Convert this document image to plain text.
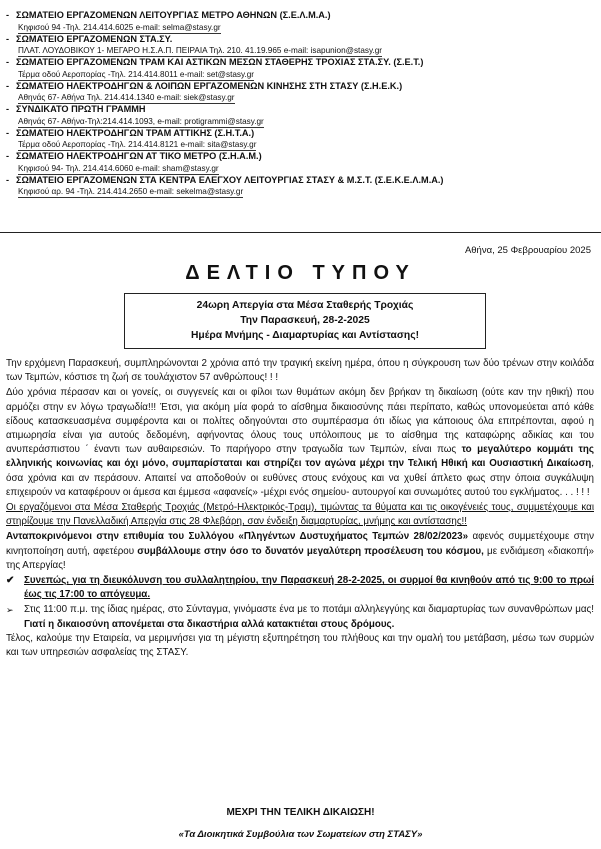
- ΣΩΜΑΤΕΙΟ ΕΡΓΑΖΟΜΕΝΩΝ ΛΕΙΤΟΥΡΓΙΑΣ ΜΕΤΡΟ ΑΘΗΝΩΝ (Σ.Ε.Λ.Μ.Α.)
Κηφισού 94 -Τηλ. 214.414.6025 e-mail: selma@stasy.gr
- ΣΩΜΑΤΕΙΟ ΕΡΓΑΖΟΜΕΝΩΝ ΣΤΑ.ΣΥ.
ΠΛΑΤ. ΛΟΥΔΟΒΙΚΟΥ 1- ΜΕΓΑΡΟ Η.Σ.Α.Π. ΠΕΙΡΑΙΑ Τηλ. 210. 41.19.965 e-mail: isapunion@stasy.gr
- ΣΩΜΑΤΕΙΟ ΕΡΓΑΖΟΜΕΝΩΝ ΤΡΑΜ ΚΑΙ ΑΣΤΙΚΩΝ ΜΕΣΩΝ ΣΤΑΘΕΡΗΣ ΤΡΟΧΙΑΣ ΣΤΑ.ΣΥ. (Σ.Ε.Τ.)
Τέρμα οδού Αεροπορίας -Τηλ. 214.414.8011 e-mail: set@stasy.gr
- ΣΩΜΑΤΕΙΟ ΗΛΕΚΤΡΟΔΗΓΩΝ & ΛΟΙΠΩΝ ΕΡΓΑΖΟΜΕΝΩΝ ΚΙΝΗΣΗΣ ΣΤΗ ΣΤΑΣΥ (Σ.Η.Ε.Κ.)
Αθηνάς 67- Αθήνα Τηλ. 214.414.1340 e-mail: siek@stasy.gr
- ΣΥΝΔΙΚΑΤΟ ΠΡΩΤΗ ΓΡΑΜΜΗ
Αθηνάς 67- Αθήνα-Τηλ:214.414.1093, e-mail: protigrammi@stasy.gr
- ΣΩΜΑΤΕΙΟ ΗΛΕΚΤΡΟΔΗΓΩΝ ΤΡΑΜ ΑΤΤΙΚΗΣ (Σ.Η.Τ.Α.)
Τέρμα οδού Αεροπορίας -Τηλ. 214.414.8121 e-mail: sita@stasy.gr
- ΣΩΜΑΤΕΙΟ ΗΛΕΚΤΡΟΔΗΓΩΝ ΑΤ ΤΙΚΟ ΜΕΤΡΟ (Σ.Η.Α.Μ.)
Κηφισού 94- Τηλ. 214.414.6060 e-mail: sham@stasy.gr
- ΣΩΜΑΤΕΙΟ ΕΡΓΑΖΟΜΕΝΩΝ ΣΤΑ ΚΕΝΤΡΑ ΕΛΕΓΧΟΥ ΛΕΙΤΟΥΡΓΙΑΣ ΣΤΑΣΥ & Μ.Σ.Τ. (Σ.Ε.Κ.Ε.Λ.Μ.Α.)
Κηφισού αρ. 94 -Τηλ. 214.414.2650 e-mail: sekelma@stasy.gr
Αθήνα, 25 Φεβρουαρίου 2025
ΔΕΛΤΙΟ ΤΥΠΟΥ
24ωρη Απεργία στα Μέσα Σταθερής Τροχιάς
Την Παρασκευή, 28-2-2025
Ημέρα Μνήμης - Διαμαρτυρίας και Αντίστασης!

Την ερχόμενη Παρασκευή, συμπληρώνονται 2 χρόνια από την τραγική εκείνη ημέρα, όπου η σύγκρουση των δύο τρένων στην κοιλάδα των Τεμπών, κόστισε τη ζωή σε τουλάχιστον 57 ανθρώπους! ! !

Δύο χρόνια πέρασαν και οι γονείς, οι συγγενείς και οι φίλοι των θυμάτων ακόμη δεν βρήκαν τη δικαίωση (ούτε καν την ηθική) που αρμόζει στην εν λόγω τραγωδία!!! Έτσι, για ακόμη μία φορά το αίσθημα δικαιοσύνης πάει περίπατο, καθώς υπονομεύεται από κάθε είδους κατασκευασμένα συμφέροντα και οι πολίτες οδηγούνται στο συμπέρασμα ότι ιδίως για κάποιους όλα επιτρέπονται, αφού η ατιμωρησία είναι για αυτούς δεδομένη, αφήνοντας όλους τους υπόλοιπους με το αίσθημα της καταφώρης αδικίας και του ανυπεράσπιστου ΄ έναντι των αυθαιρεσιών. Το παρήγορο στην τραγωδία των Τεμπών, είναι πως το μεγαλύτερο κομμάτι της ελληνικής κοινωνίας και όχι μόνο, συμπαρίσταται και στηρίζει τον αγώνα μέχρι την Τελική Ηθική και Ουσιαστική Δικαίωση, όσα χρόνια και αν περάσουν. Απαιτεί να αποδοθούν οι ευθύνες στους ενόχους και να χυθεί άπλετο φως στην όποια συγκάλυψη επιχειρούν να καταφέρουν οι άμεσα και έμμεσα «αφανείς» -μέχρι ενός σημείου- αυτουργοί και συνωμότες αυτού του εγκλήματος. . . ! ! !

Οι εργαζόμενοι στα Μέσα Σταθερής Τροχιάς (Μετρό-Ηλεκτρικός-Τραμ), τιμώντας τα θύματα και τις οικογένειές τους, συμμετέχουμε και στηρίζουμε την Πανελλαδική Απεργία στις 28 Φλεβάρη, σαν ένδειξη διαμαρτυρίας, μνήμης και αντίστασης!!

Ανταποκρινόμενοι στην επιθυμία του Συλλόγου «Πληγέντων Δυστυχήματος Τεμπών 28/02/2023» αφενός συμμετέχουμε στην κινητοποίηση αυτή, αφετέρου συμβάλλουμε στην όσο το δυνατόν μεγαλύτερη προσέλευση του κόσμου, με ενδιάμεση «διακοπή» της Απεργίας!

✔ Συνεπώς, για τη διευκόλυνση του συλλαλητηρίου, την Παρασκευή 28-2-2025, οι συρμοί θα κινηθούν από τις 9:00 το πρωί έως τις 17:00 το απόγευμα.
➢	Στις 11:00 π.μ. της ίδιας ημέρας, στο Σύνταγμα, γινόμαστε ένα με το ποτάμι αλληλεγγύης και διαμαρτυρίας των συνανθρώπων μας! Γιατί η δικαιοσύνη απονέμεται στα δικαστήρια αλλά κατακτιέται στους δρόμους.

Τέλος, καλούμε την Εταιρεία, να μεριμνήσει για τη μέγιστη εξυπηρέτηση του πλήθους και την ομαλή του μετάβαση, μέσω των συρμών και των υπηρεσιών ασφαλείας της ΣΤΑΣΥ.

ΜΕΧΡΙ ΤΗΝ ΤΕΛΙΚΗ ΔΙΚΑΙΩΣΗ!
«Τα Διοικητικά Συμβούλια των Σωματείων στη ΣΤΑΣΥ»
